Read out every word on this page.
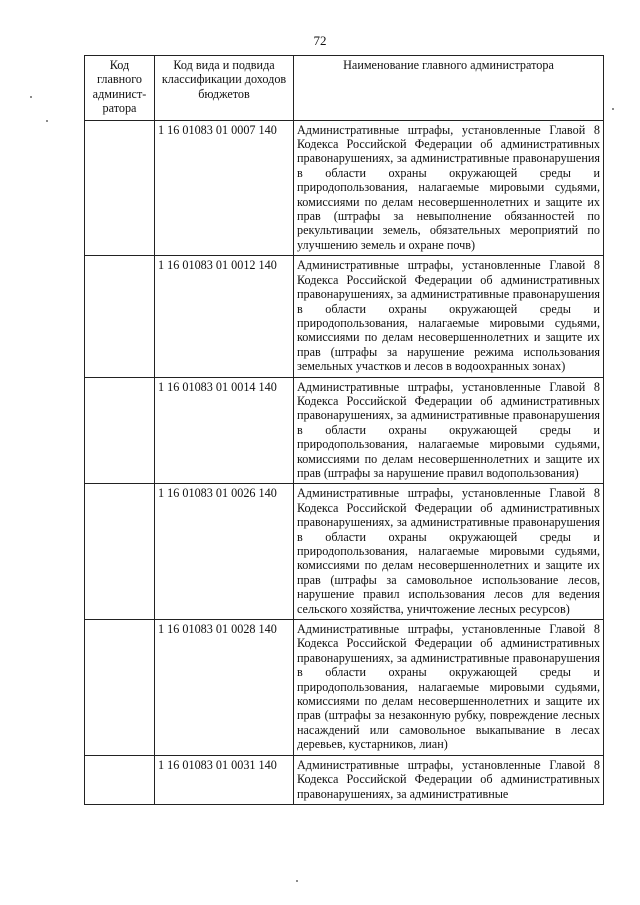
72
Код главного админист-ратора	Код вида и подвида классификации доходов бюджетов	Наименование главного администратора
	1 16 01083 01 0007 140	Административные штрафы, установленные Главой 8 Кодекса Российской Федерации об административных правонарушениях, за административные правонарушения в области охраны окружающей среды и природопользования, налагаемые мировыми судьями, комиссиями по делам несовершеннолетних и защите их прав (штрафы за невыполнение обязанностей по рекультивации земель, обязательных мероприятий по улучшению земель и охране почв)
	1 16 01083 01 0012 140	Административные штрафы, установленные Главой 8 Кодекса Российской Федерации об административных правонарушениях, за административные правонарушения в области охраны окружающей среды и природопользования, налагаемые мировыми судьями, комиссиями по делам несовершеннолетних и защите их прав (штрафы за нарушение режима использования земельных участков и лесов в водоохранных зонах)
	1 16 01083 01 0014 140	Административные штрафы, установленные Главой 8 Кодекса Российской Федерации об административных правонарушениях, за административные правонарушения в области охраны окружающей среды и природопользования, налагаемые мировыми судьями, комиссиями по делам несовершеннолетних и защите их прав (штрафы за нарушение правил водопользования)
	1 16 01083 01 0026 140	Административные штрафы, установленные Главой 8 Кодекса Российской Федерации об административных правонарушениях, за административные правонарушения в области охраны окружающей среды и природопользования, налагаемые мировыми судьями, комиссиями по делам несовершеннолетних и защите их прав (штрафы за самовольное использование лесов, нарушение правил использования лесов для ведения сельского хозяйства, уничтожение лесных ресурсов)
	1 16 01083 01 0028 140	Административные штрафы, установленные Главой 8 Кодекса Российской Федерации об административных правонарушениях, за административные правонарушения в области охраны окружающей среды и природопользования, налагаемые мировыми судьями, комиссиями по делам несовершеннолетних и защите их прав (штрафы за незаконную рубку, повреждение лесных насаждений или самовольное выкапывание в лесах деревьев, кустарников, лиан)
	1 16 01083 01 0031 140	Административные штрафы, установленные Главой 8 Кодекса Российской Федерации об административных правонарушениях, за административные
